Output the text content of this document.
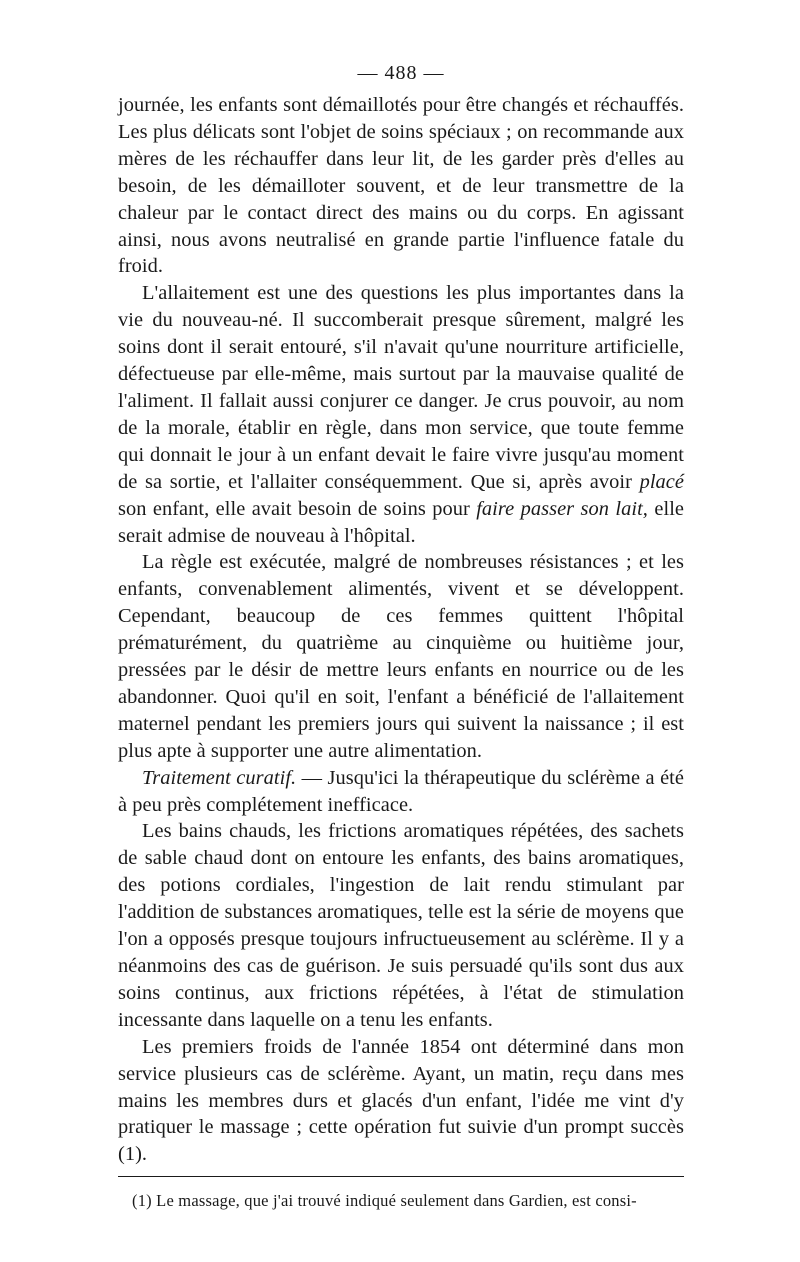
— 488 —

journée, les enfants sont démaillotés pour être changés et réchauffés. Les plus délicats sont l'objet de soins spéciaux ; on recommande aux mères de les réchauffer dans leur lit, de les garder près d'elles au besoin, de les démailloter souvent, et de leur transmettre de la chaleur par le contact direct des mains ou du corps. En agissant ainsi, nous avons neutralisé en grande partie l'influence fatale du froid.

L'allaitement est une des questions les plus importantes dans la vie du nouveau-né. Il succomberait presque sûrement, malgré les soins dont il serait entouré, s'il n'avait qu'une nourriture artificielle, défectueuse par elle-même, mais surtout par la mauvaise qualité de l'aliment. Il fallait aussi conjurer ce danger. Je crus pouvoir, au nom de la morale, établir en règle, dans mon service, que toute femme qui donnait le jour à un enfant devait le faire vivre jusqu'au moment de sa sortie, et l'allaiter conséquemment. Que si, après avoir placé son enfant, elle avait besoin de soins pour faire passer son lait, elle serait admise de nouveau à l'hôpital.

La règle est exécutée, malgré de nombreuses résistances ; et les enfants, convenablement alimentés, vivent et se développent. Cependant, beaucoup de ces femmes quittent l'hôpital prématurément, du quatrième au cinquième ou huitième jour, pressées par le désir de mettre leurs enfants en nourrice ou de les abandonner. Quoi qu'il en soit, l'enfant a bénéficié de l'allaitement maternel pendant les premiers jours qui suivent la naissance ; il est plus apte à supporter une autre alimentation.

Traitement curatif. — Jusqu'ici la thérapeutique du sclérème a été à peu près complétement inefficace.

Les bains chauds, les frictions aromatiques répétées, des sachets de sable chaud dont on entoure les enfants, des bains aromatiques, des potions cordiales, l'ingestion de lait rendu stimulant par l'addition de substances aromatiques, telle est la série de moyens que l'on a opposés presque toujours infructueusement au sclérème. Il y a néanmoins des cas de guérison. Je suis persuadé qu'ils sont dus aux soins continus, aux frictions répétées, à l'état de stimulation incessante dans laquelle on a tenu les enfants.

Les premiers froids de l'année 1854 ont déterminé dans mon service plusieurs cas de sclérème. Ayant, un matin, reçu dans mes mains les membres durs et glacés d'un enfant, l'idée me vint d'y pratiquer le massage ; cette opération fut suivie d'un prompt succès (1).

(1) Le massage, que j'ai trouvé indiqué seulement dans Gardien, est consi-
